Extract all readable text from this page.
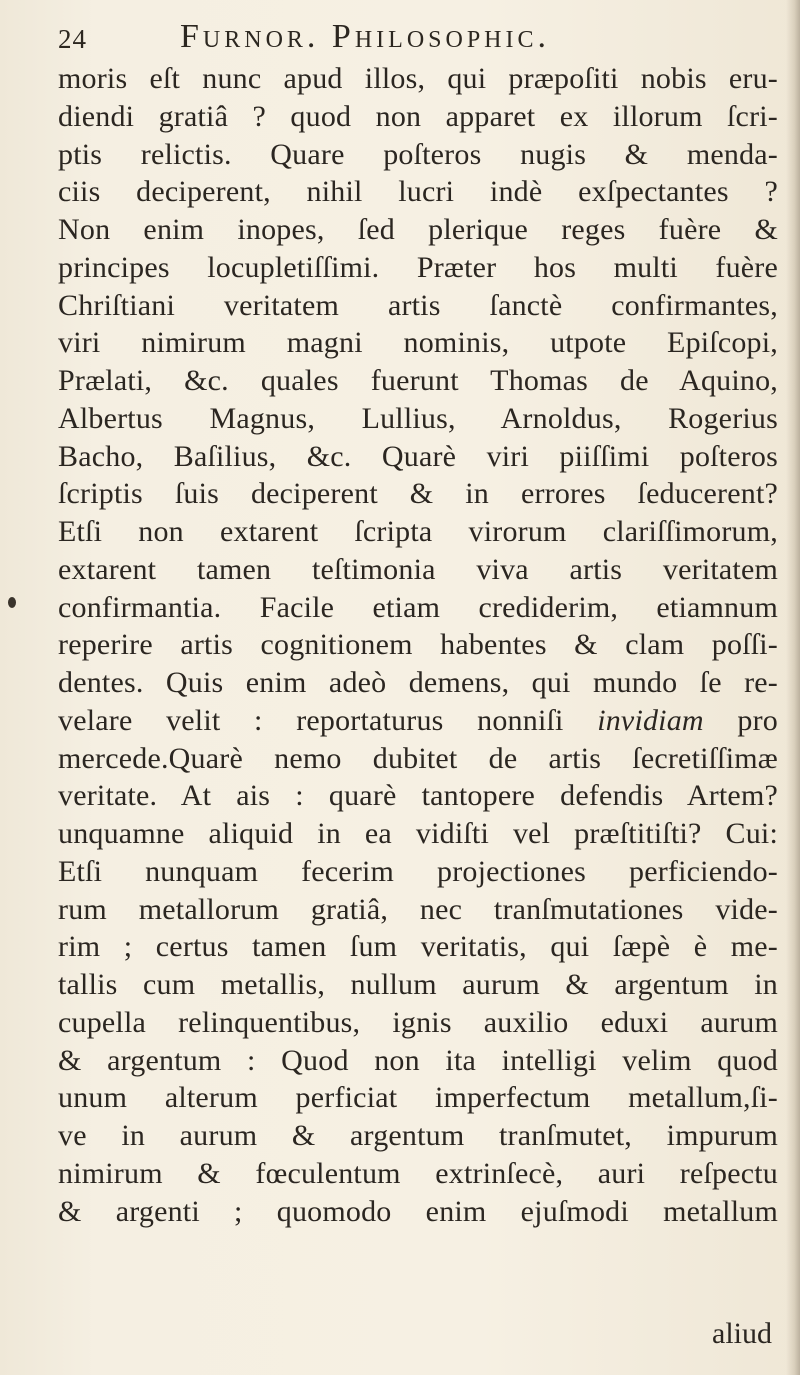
24	Furnor. Philosophic.
moris eſt nunc apud illos, qui præpoſiti nobis eru-
diendi gratiâ ? quod non apparet ex illorum ſcri-
ptis relictis. Quare poſteros nugis & menda-
ciis deciperent, nihil lucri indè exſpectantes ?
Non enim inopes, ſed plerique reges fuère &
principes locupletiſſimi. Præter hos multi fuère
Chriſtiani veritatem artis ſanctè confirmantes,
viri nimirum magni nominis, utpote Epiſcopi,
Prælati, &c. quales fuerunt Thomas de Aquino,
Albertus Magnus, Lullius, Arnoldus, Rogerius
Bacho, Baſilius, &c. Quarè viri piiſſimi poſteros
ſcriptis ſuis deciperent & in errores ſeducerent?
Etſi non extarent ſcripta virorum clariſſimorum,
extarent tamen teſtimonia viva artis veritatem
confirmantia. Facile etiam crediderim, etiamnum
reperire artis cognitionem habentes & clam poſſi-
dentes. Quis enim adeò demens, qui mundo ſe re-
velare velit : reportaturus nonniſi invidiam pro
mercede.Quarè nemo dubitet de artis ſecretiſſimæ
veritate. At ais : quarè tantopere defendis Artem?
unquamne aliquid in ea vidiſti vel præſtitiſti? Cui:
Etſi nunquam fecerim projectiones perficiendo-
rum metallorum gratiâ, nec tranſmutationes vide-
rim ; certus tamen ſum veritatis, qui ſæpè è me-
tallis cum metallis, nullum aurum & argentum in
cupella relinquentibus, ignis auxilio eduxi aurum
& argentum : Quod non ita intelligi velim quod
unum alterum perficiat imperfectum metallum,ſi-
ve in aurum & argentum tranſmutet, impurum
nimirum & fœculentum extrinſecè, auri reſpectu
& argenti ; quomodo enim ejuſmodi metallum
aliud
